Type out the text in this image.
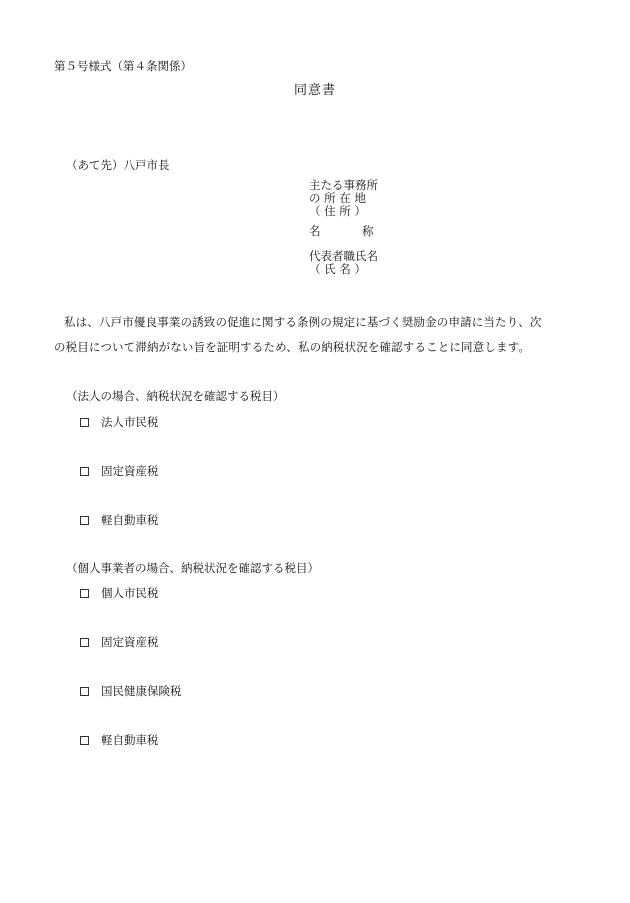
第５号様式（第４条関係）
同意書
（あて先）八戸市長
主たる事務所
の 所 在 地
（ 住 所 ）
名	称
代表者職氏名
（ 氏 名 ）
私は、八戸市優良事業の誘致の促進に関する条例の規定に基づく奨励金の申請に当たり、次
の税目について滞納がない旨を証明するため、私の納税状況を確認することに同意します。
（法人の場合、納税状況を確認する税目）
法人市民税
固定資産税
軽自動車税
（個人事業者の場合、納税状況を確認する税目）
個人市民税
固定資産税
国民健康保険税
軽自動車税
